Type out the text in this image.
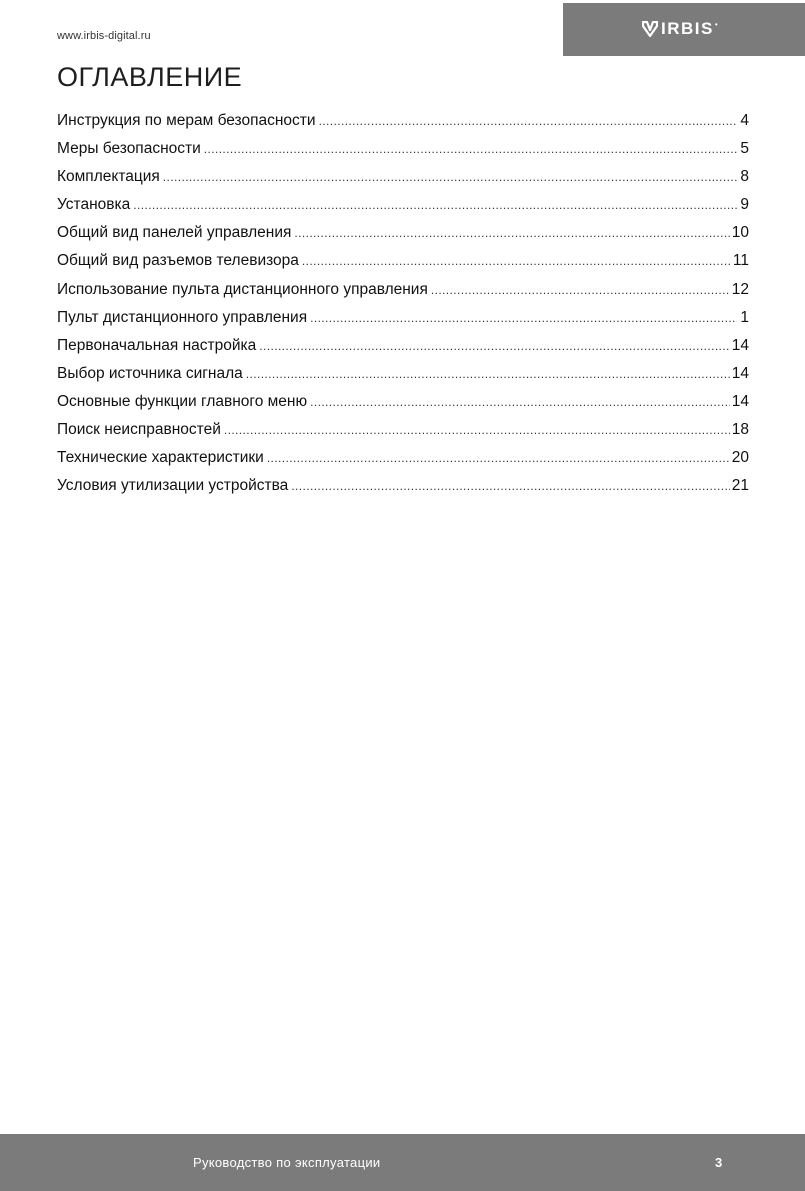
www.irbis-digital.ru	IRBIS •
ОГЛАВЛЕНИЕ
Инструкция по мерам безопасности .....	4
Меры безопасности .....	5
Комплектация .....	8
Установка .....	9
Общий вид панелей управления .....	10
Общий вид разъемов телевизора .....	11
Использование пульта дистанционного управления .....	12
Пульт дистанционного управления .....	1
Первоначальная настройка .....	14
Выбор источника сигнала .....	14
Основные функции главного меню .....	14
Поиск неисправностей .....	18
Технические характеристики .....	20
Условия утилизации устройства .....	21
Руководство по эксплуатации	3
